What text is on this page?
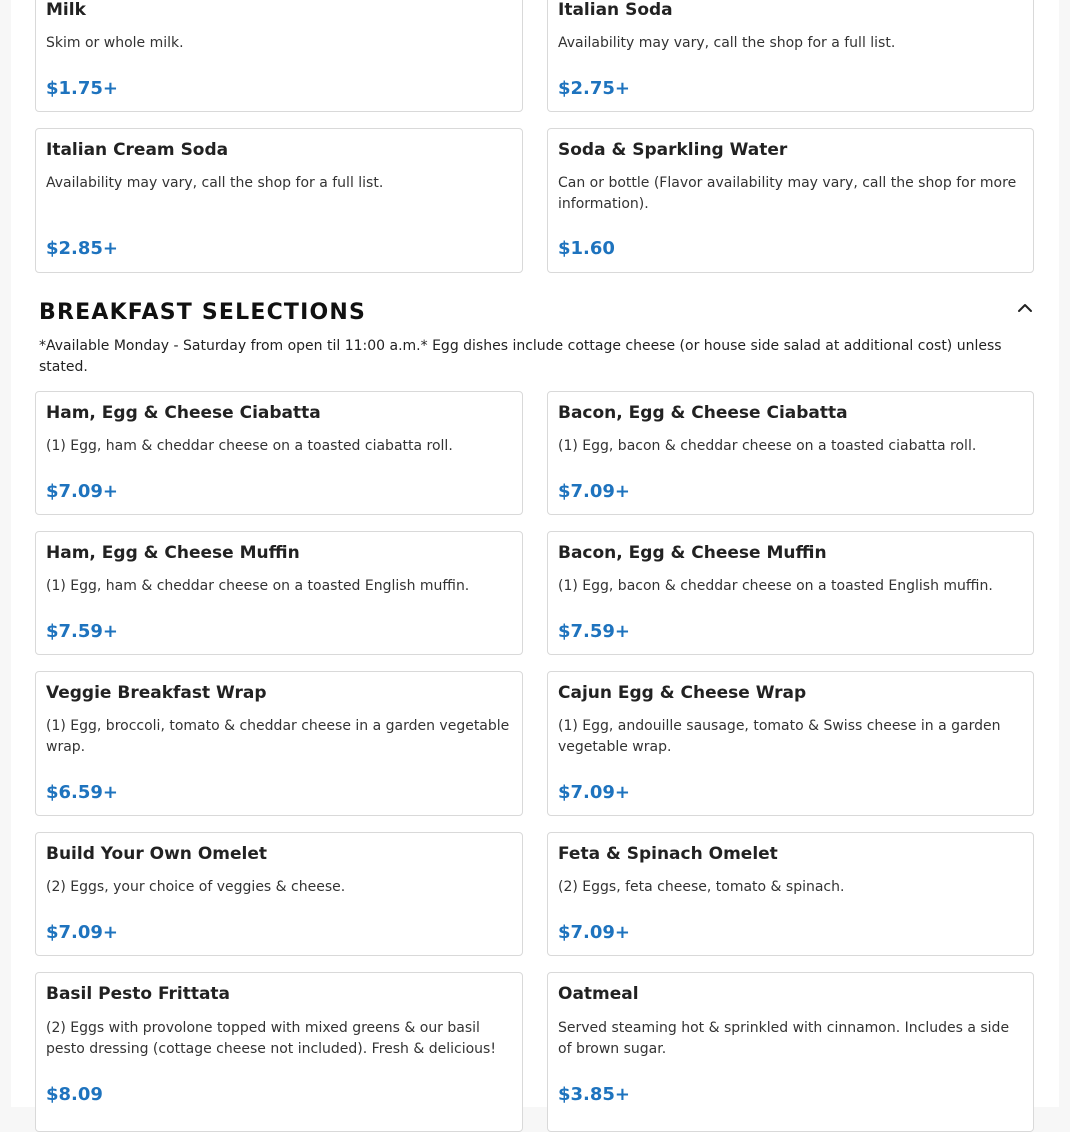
Milk
Skim or whole milk.
$1.75+
Italian Soda
Availability may vary, call the shop for a full list.
$2.75+
Italian Cream Soda
Availability may vary, call the shop for a full list.
$2.85+
Soda & Sparkling Water
Can or bottle (Flavor availability may vary, call the shop for more information).
$1.60
BREAKFAST SELECTIONS
*Available Monday - Saturday from open til 11:00 a.m.* Egg dishes include cottage cheese (or house side salad at additional cost) unless stated.
Ham, Egg & Cheese Ciabatta
(1) Egg, ham & cheddar cheese on a toasted ciabatta roll.
$7.09+
Bacon, Egg & Cheese Ciabatta
(1) Egg, bacon & cheddar cheese on a toasted ciabatta roll.
$7.09+
Ham, Egg & Cheese Muffin
(1) Egg, ham & cheddar cheese on a toasted English muffin.
$7.59+
Bacon, Egg & Cheese Muffin
(1) Egg, bacon & cheddar cheese on a toasted English muffin.
$7.59+
Veggie Breakfast Wrap
(1) Egg, broccoli, tomato & cheddar cheese in a garden vegetable wrap.
$6.59+
Cajun Egg & Cheese Wrap
(1) Egg, andouille sausage, tomato & Swiss cheese in a garden vegetable wrap.
$7.09+
Build Your Own Omelet
(2) Eggs, your choice of veggies & cheese.
$7.09+
Feta & Spinach Omelet
(2) Eggs, feta cheese, tomato & spinach.
$7.09+
Basil Pesto Frittata
(2) Eggs with provolone topped with mixed greens & our basil pesto dressing (cottage cheese not included). Fresh & delicious!
$8.09
Oatmeal
Served steaming hot & sprinkled with cinnamon. Includes a side of brown sugar.
$3.85+
